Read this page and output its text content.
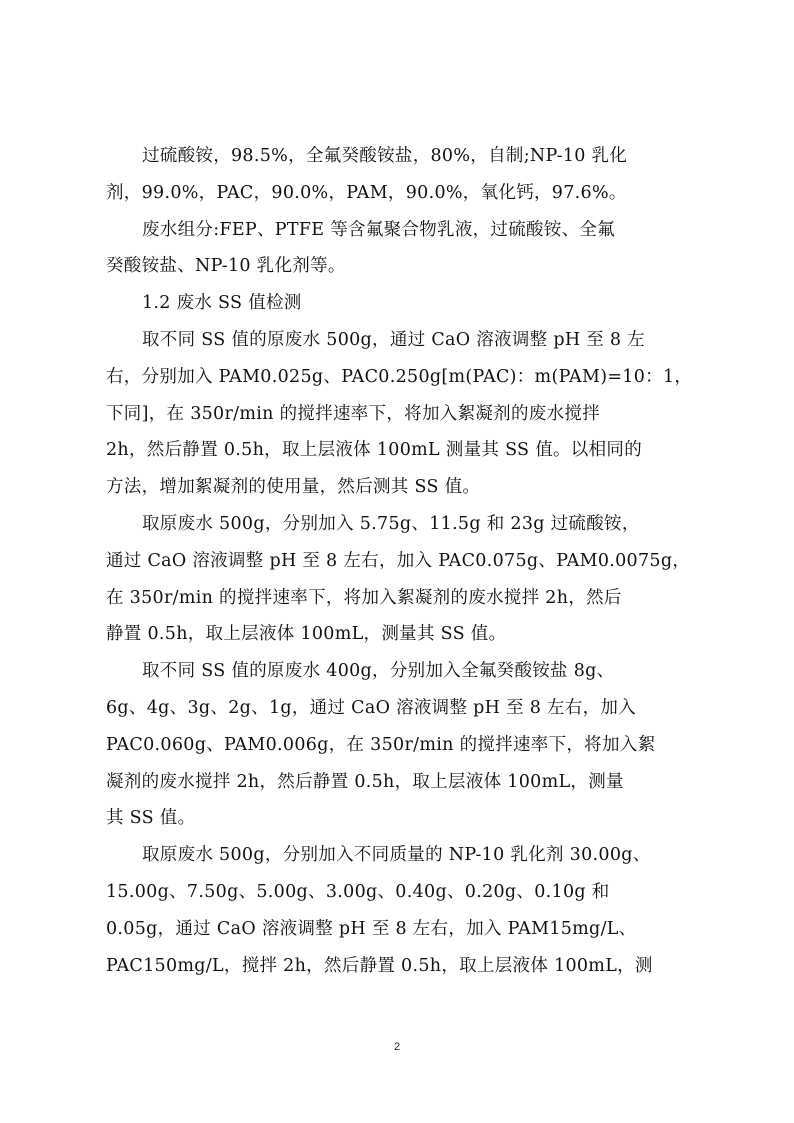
过硫酸铵，98.5%，全氟癸酸铵盐，80%，自制;NP-10 乳化
剂，99.0%，PAC，90.0%，PAM，90.0%，氧化钙，97.6%。

废水组分:FEP、PTFE 等含氟聚合物乳液，过硫酸铵、全氟
癸酸铵盐、NP-10 乳化剂等。

1.2 废水 SS 值检测

取不同 SS 值的原废水 500g，通过 CaO 溶液调整 pH 至 8 左
右，分别加入 PAM0.025g、PAC0.250g[m(PAC)：m(PAM)=10：1，
下同]，在 350r/min 的搅拌速率下，将加入絮凝剂的废水搅拌
2h，然后静置 0.5h，取上层液体 100mL 测量其 SS 值。以相同的
方法，增加絮凝剂的使用量，然后测其 SS 值。

取原废水 500g，分别加入 5.75g、11.5g 和 23g 过硫酸铵，
通过 CaO 溶液调整 pH 至 8 左右，加入 PAC0.075g、PAM0.0075g，
在 350r/min 的搅拌速率下，将加入絮凝剂的废水搅拌 2h，然后
静置 0.5h，取上层液体 100mL，测量其 SS 值。

取不同 SS 值的原废水 400g，分别加入全氟癸酸铵盐 8g、
6g、4g、3g、2g、1g，通过 CaO 溶液调整 pH 至 8 左右，加入
PAC0.060g、PAM0.006g，在 350r/min 的搅拌速率下，将加入絮
凝剂的废水搅拌 2h，然后静置 0.5h，取上层液体 100mL，测量
其 SS 值。

取原废水 500g，分别加入不同质量的 NP-10 乳化剂 30.00g、
15.00g、7.50g、5.00g、3.00g、0.40g、0.20g、0.10g 和
0.05g，通过 CaO 溶液调整 pH 至 8 左右，加入 PAM15mg/L、
PAC150mg/L，搅拌 2h，然后静置 0.5h，取上层液体 100mL，测

2
